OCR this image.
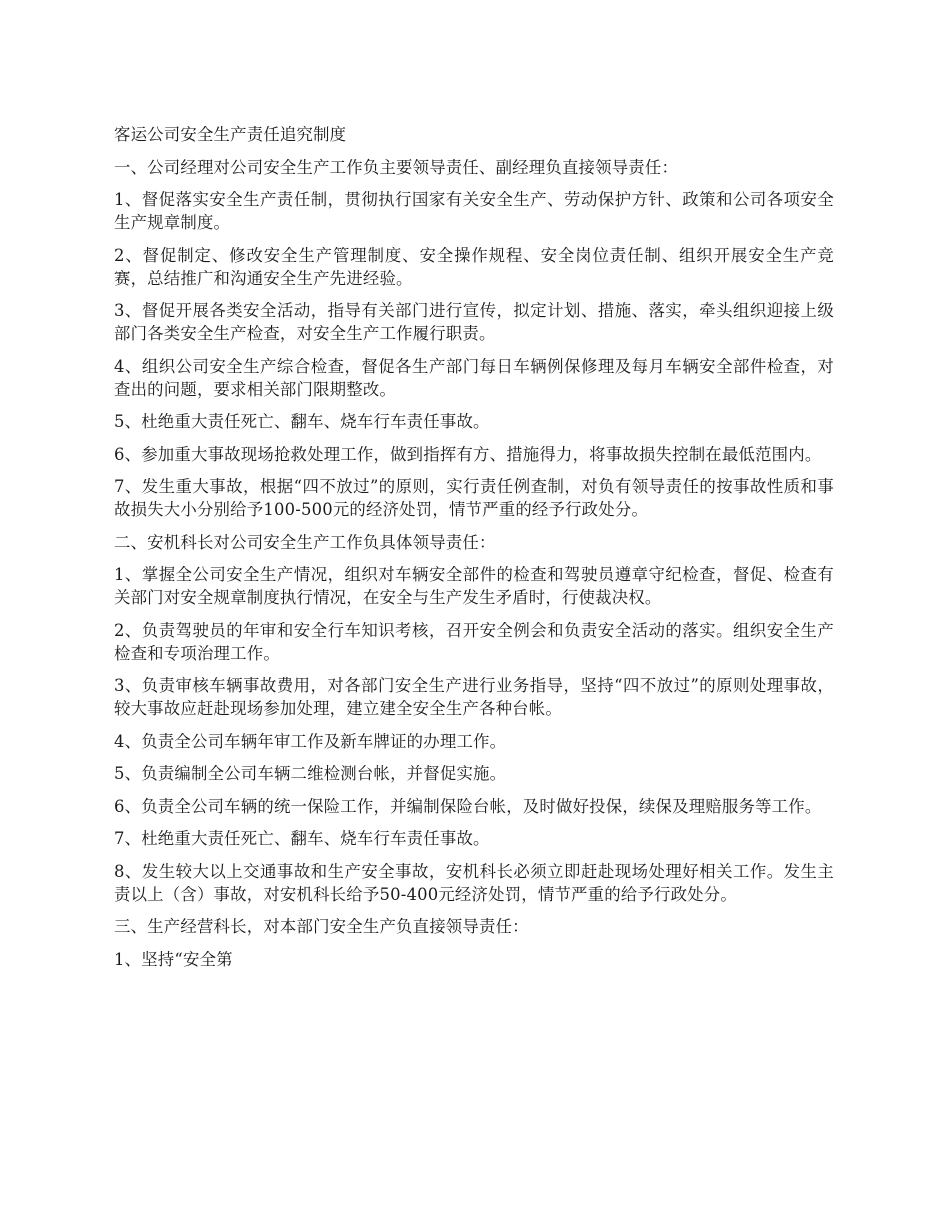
客运公司安全生产责任追究制度

一、公司经理对公司安全生产工作负主要领导责任、副经理负直接领导责任：

1、督促落实安全生产责任制，贯彻执行国家有关安全生产、劳动保护方针、政策和公司各项安全生产规章制度。

2、督促制定、修改安全生产管理制度、安全操作规程、安全岗位责任制、组织开展安全生产竞赛，总结推广和沟通安全生产先进经验。

3、督促开展各类安全活动，指导有关部门进行宣传，拟定计划、措施、落实，牵头组织迎接上级部门各类安全生产检查，对安全生产工作履行职责。

4、组织公司安全生产综合检查，督促各生产部门每日车辆例保修理及每月车辆安全部件检查，对查出的问题，要求相关部门限期整改。

5、杜绝重大责任死亡、翻车、烧车行车责任事故。

6、参加重大事故现场抢救处理工作，做到指挥有方、措施得力，将事故损失控制在最低范围内。

7、发生重大事故，根据“四不放过”的原则，实行责任例查制，对负有领导责任的按事故性质和事故损失大小分别给予100-500元的经济处罚，情节严重的经予行政处分。

二、安机科长对公司安全生产工作负具体领导责任：

1、掌握全公司安全生产情况，组织对车辆安全部件的检查和驾驶员遵章守纪检查，督促、检查有关部门对安全规章制度执行情况，在安全与生产发生矛盾时，行使裁决权。

2、负责驾驶员的年审和安全行车知识考核，召开安全例会和负责安全活动的落实。组织安全生产检查和专项治理工作。

3、负责审核车辆事故费用，对各部门安全生产进行业务指导，坚持“四不放过”的原则处理事故，较大事故应赶赴现场参加处理，建立建全安全生产各种台帐。

4、负责全公司车辆年审工作及新车牌证的办理工作。

5、负责编制全公司车辆二维检测台帐，并督促实施。

6、负责全公司车辆的统一保险工作，并编制保险台帐，及时做好投保，续保及理赔服务等工作。

7、杜绝重大责任死亡、翻车、烧车行车责任事故。

8、发生较大以上交通事故和生产安全事故，安机科长必须立即赶赴现场处理好相关工作。发生主责以上（含）事故，对安机科长给予50-400元经济处罚，情节严重的给予行政处分。

三、生产经营科长，对本部门安全生产负直接领导责任：

1、坚持“安全第
